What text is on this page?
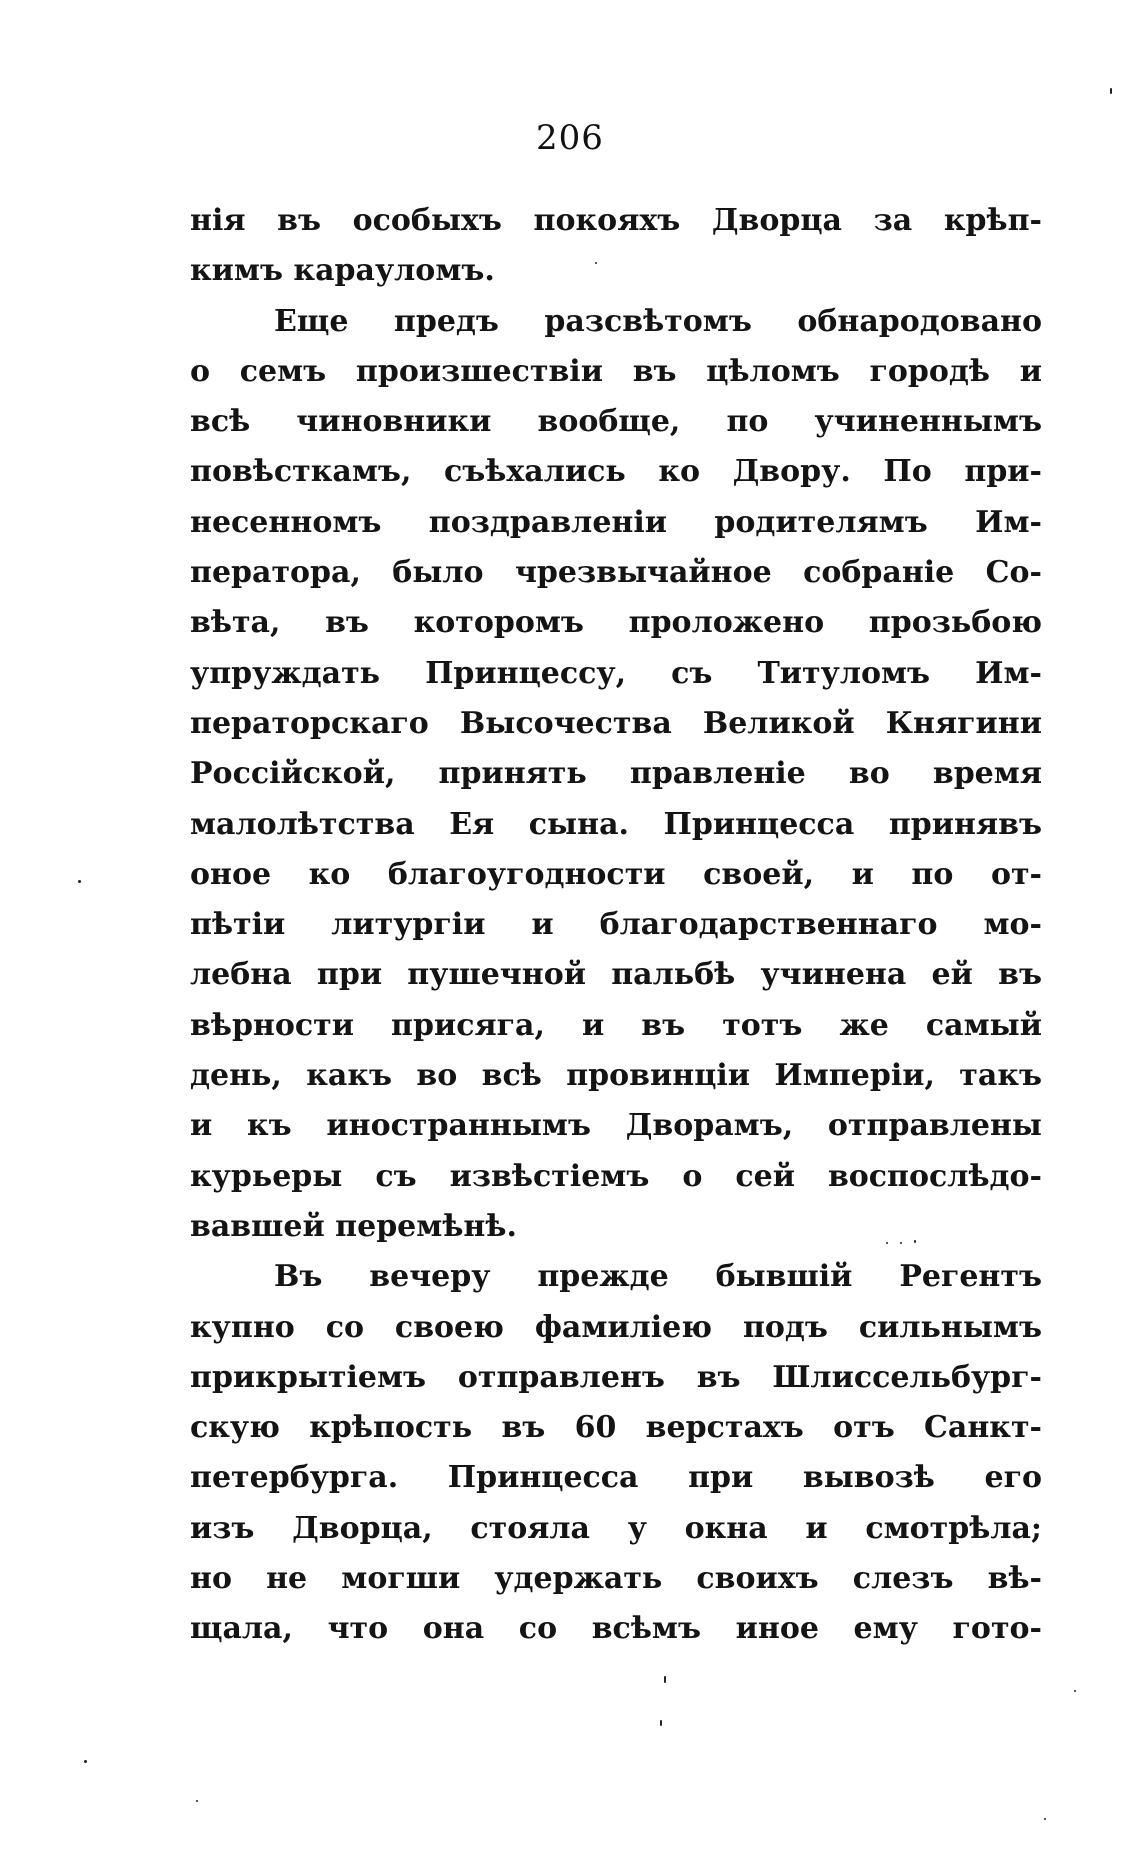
206
нія въ особыхъ покояхъ Дворца за крѣп-
кимъ карауломъ.
Еще предъ разсвѣтомъ обнародовано
о семъ произшествіи въ цѣломъ городѣ и
всѣ чиновники вообще, по учиненнымъ
повѣсткамъ, съѣхались ко Двору. По при-
несенномъ поздравленіи родителямъ Им-
ператора, было чрезвычайное собраніе Со-
вѣта, въ которомъ проложено прозьбою
упруждать Принцессу, съ Титуломъ Им-
ператорскаго Высочества Великой Княгини
Россійской, принять правленіе во время
малолѣтства Ея сына. Принцесса принявъ
оное ко благоугодности своей, и по от-
пѣтіи литургіи и благодарственнаго мо-
лебна при пушечной пальбѣ учинена ей въ
вѣрности присяга, и въ тотъ же самый
день, какъ во всѣ провинціи Имперіи, такъ
и къ иностраннымъ Дворамъ, отправлены
курьеры съ извѣстіемъ о сей воспослѣдо-
вавшей перемѣнѣ.
Въ вечеру прежде бывшій Регентъ
купно со своею фамиліею подъ сильнымъ
прикрытіемъ отправленъ въ Шлиссельбург-
скую крѣпость въ 60 верстахъ отъ Санкт-
петербурга. Принцесса при вывозѣ его
изъ Дворца, стояла у окна и смотрѣла;
но не могши удержать своихъ слезъ вѣ-
щала, что она со всѣмъ иное ему гото-
